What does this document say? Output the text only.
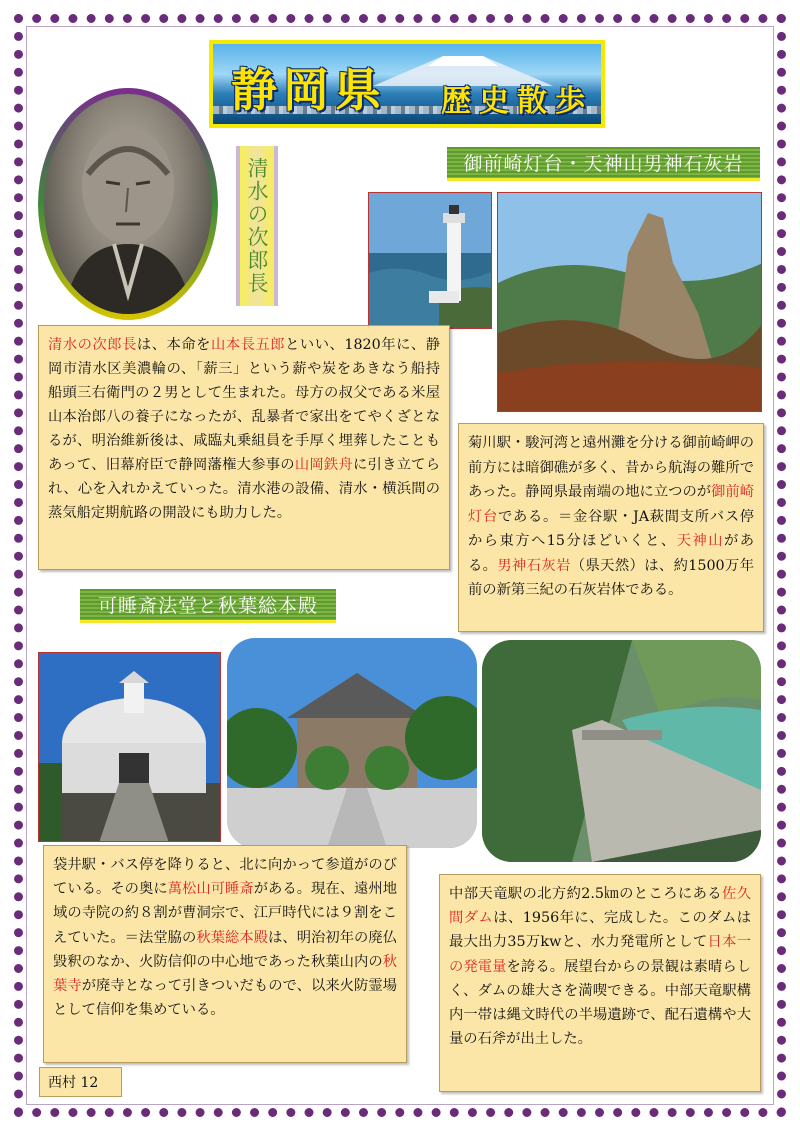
静岡県 歴史散歩
清水の次郎長	御前崎灯台・天神山男神石灰岩
清水の次郎長は、本命を山本長五郎といい、1820年に、静岡市清水区美濃輪の、「薪三」という薪や炭をあきなう船持船頭三右衛門の２男として生まれた。母方の叔父である米屋山本治郎八の養子になったが、乱暴者で家出をてやくざとなるが、明治維新後は、咸臨丸乗組員を手厚く埋葬したこともあって、旧幕府臣で静岡藩権大参事の山岡鉄舟に引き立てられ、心を入れかえていった。清水港の設備、清水・横浜間の蒸気船定期航路の開設にも助力した。
菊川駅・駿河湾と遠州灘を分ける御前崎岬の前方には暗御礁が多く、昔から航海の難所であった。静岡県最南端の地に立つのが御前崎灯台である。＝金谷駅・JA萩間支所バス停から東方へ15分ほどいくと、天神山がある。男神石灰岩（県天然）は、約1500万年前の新第三紀の石灰岩体である。
可睡斎法堂と秋葉総本殿
袋井駅・バス停を降りると、北に向かって参道がのびている。その奥に萬松山可睡斎がある。現在、遠州地域の寺院の約８割が曹洞宗で、江戸時代には９割をこえていた。＝法堂脇の秋葉総本殿は、明治初年の廃仏毀釈のなか、火防信仰の中心地であった秋葉山内の秋葉寺が廃寺となって引きついだもので、以来火防霊場として信仰を集めている。
中部天竜駅の北方約2.5㎞のところにある佐久間ダムは、1956年に、完成した。このダムは最大出力35万kwと、水力発電所として日本一の発電量を誇る。展望台からの景観は素晴らしく、ダムの雄大さを満喫できる。中部天竜駅構内一帯は縄文時代の半場遺跡で、配石遺構や大量の石斧が出土した。
西村 12
